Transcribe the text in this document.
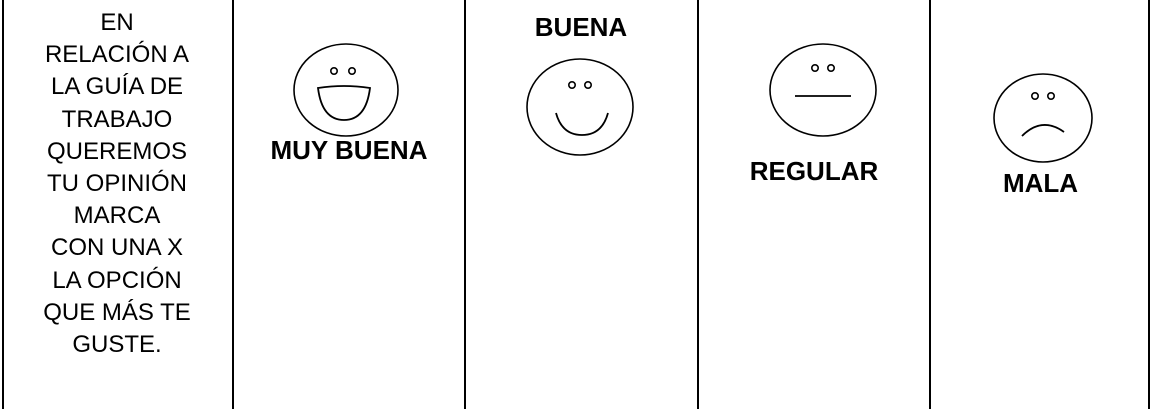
EN
RELACIÓN A
LA GUÍA DE
TRABAJO
QUEREMOS
TU OPINIÓN
MARCA
CON UNA X
LA OPCIÓN
QUE MÁS TE
GUSTE.
MUY BUENA
BUENA
REGULAR	MALA
